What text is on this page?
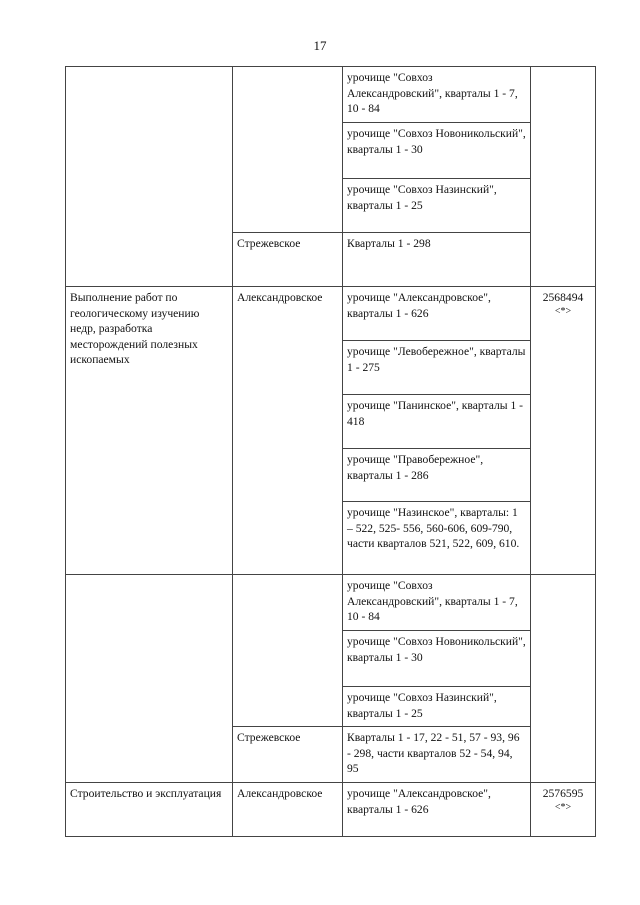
17
		урочище "Совхоз Александровский", кварталы 1 - 7, 10 - 84	

		урочище "Совхоз Новоникольский", кварталы 1 - 30	
		урочище "Совхоз Назинский", кварталы 1 - 25	
	Стрежевское	Кварталы 1 - 298	
Выполнение работ по геологическому изучению недр, разработка месторождений полезных ископаемых	Александровское	урочище "Александровское", кварталы 1 - 626	2568494
<*>

		урочище "Левобережное", кварталы 1 - 275	
		урочище "Панинское", кварталы 1 - 418	
		урочище "Правобережное", кварталы 1 - 286	
		урочище "Назинское", кварталы: 1 – 522, 525- 556, 560-606, 609-790, части кварталов 521, 522, 609, 610.	
		урочище "Совхоз Александровский", кварталы 1 - 7, 10 - 84	

		урочище "Совхоз Новоникольский", кварталы 1 - 30	
		урочище "Совхоз Назинский", кварталы 1 - 25	
	Стрежевское	Кварталы 1 - 17, 22 - 51, 57 - 93, 96 - 298, части кварталов 52 - 54, 94, 95	
Строительство и эксплуатация	Александровское	урочище "Александровское", кварталы 1 - 626	2576595
<*>
